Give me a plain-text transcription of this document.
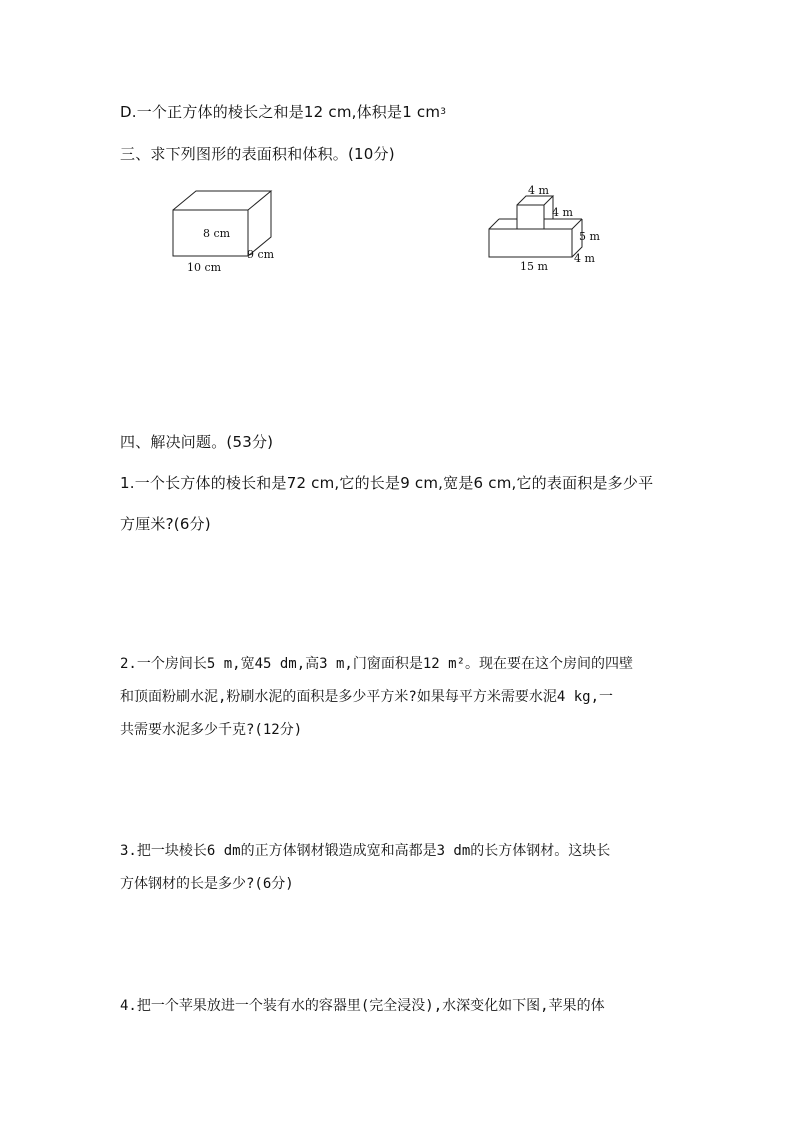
D.一个正方体的棱长之和是12 cm,体积是1 $cm^3$
三、求下列图形的表面积和体积。(10分)
8 cm
9 cm
10 cm
4 m
4 m
5 m
4 m
15 m
四、解决问题。(53分)
1.一个长方体的棱长和是72 cm,它的长是9 cm,宽是6 cm,它的表面积是多少平
方厘米?(6分)
2.一个房间长5 m,宽45 dm,高3 m,门窗面积是12 m²。现在要在这个房间的四壁
和顶面粉刷水泥,粉刷水泥的面积是多少平方米?如果每平方米需要水泥4 kg,一
共需要水泥多少千克?(12分)
3.把一块棱长6 dm的正方体钢材锻造成宽和高都是3 dm的长方体钢材。这块长
方体钢材的长是多少?(6分)
4.把一个苹果放进一个装有水的容器里(完全浸没),水深变化如下图,苹果的体
